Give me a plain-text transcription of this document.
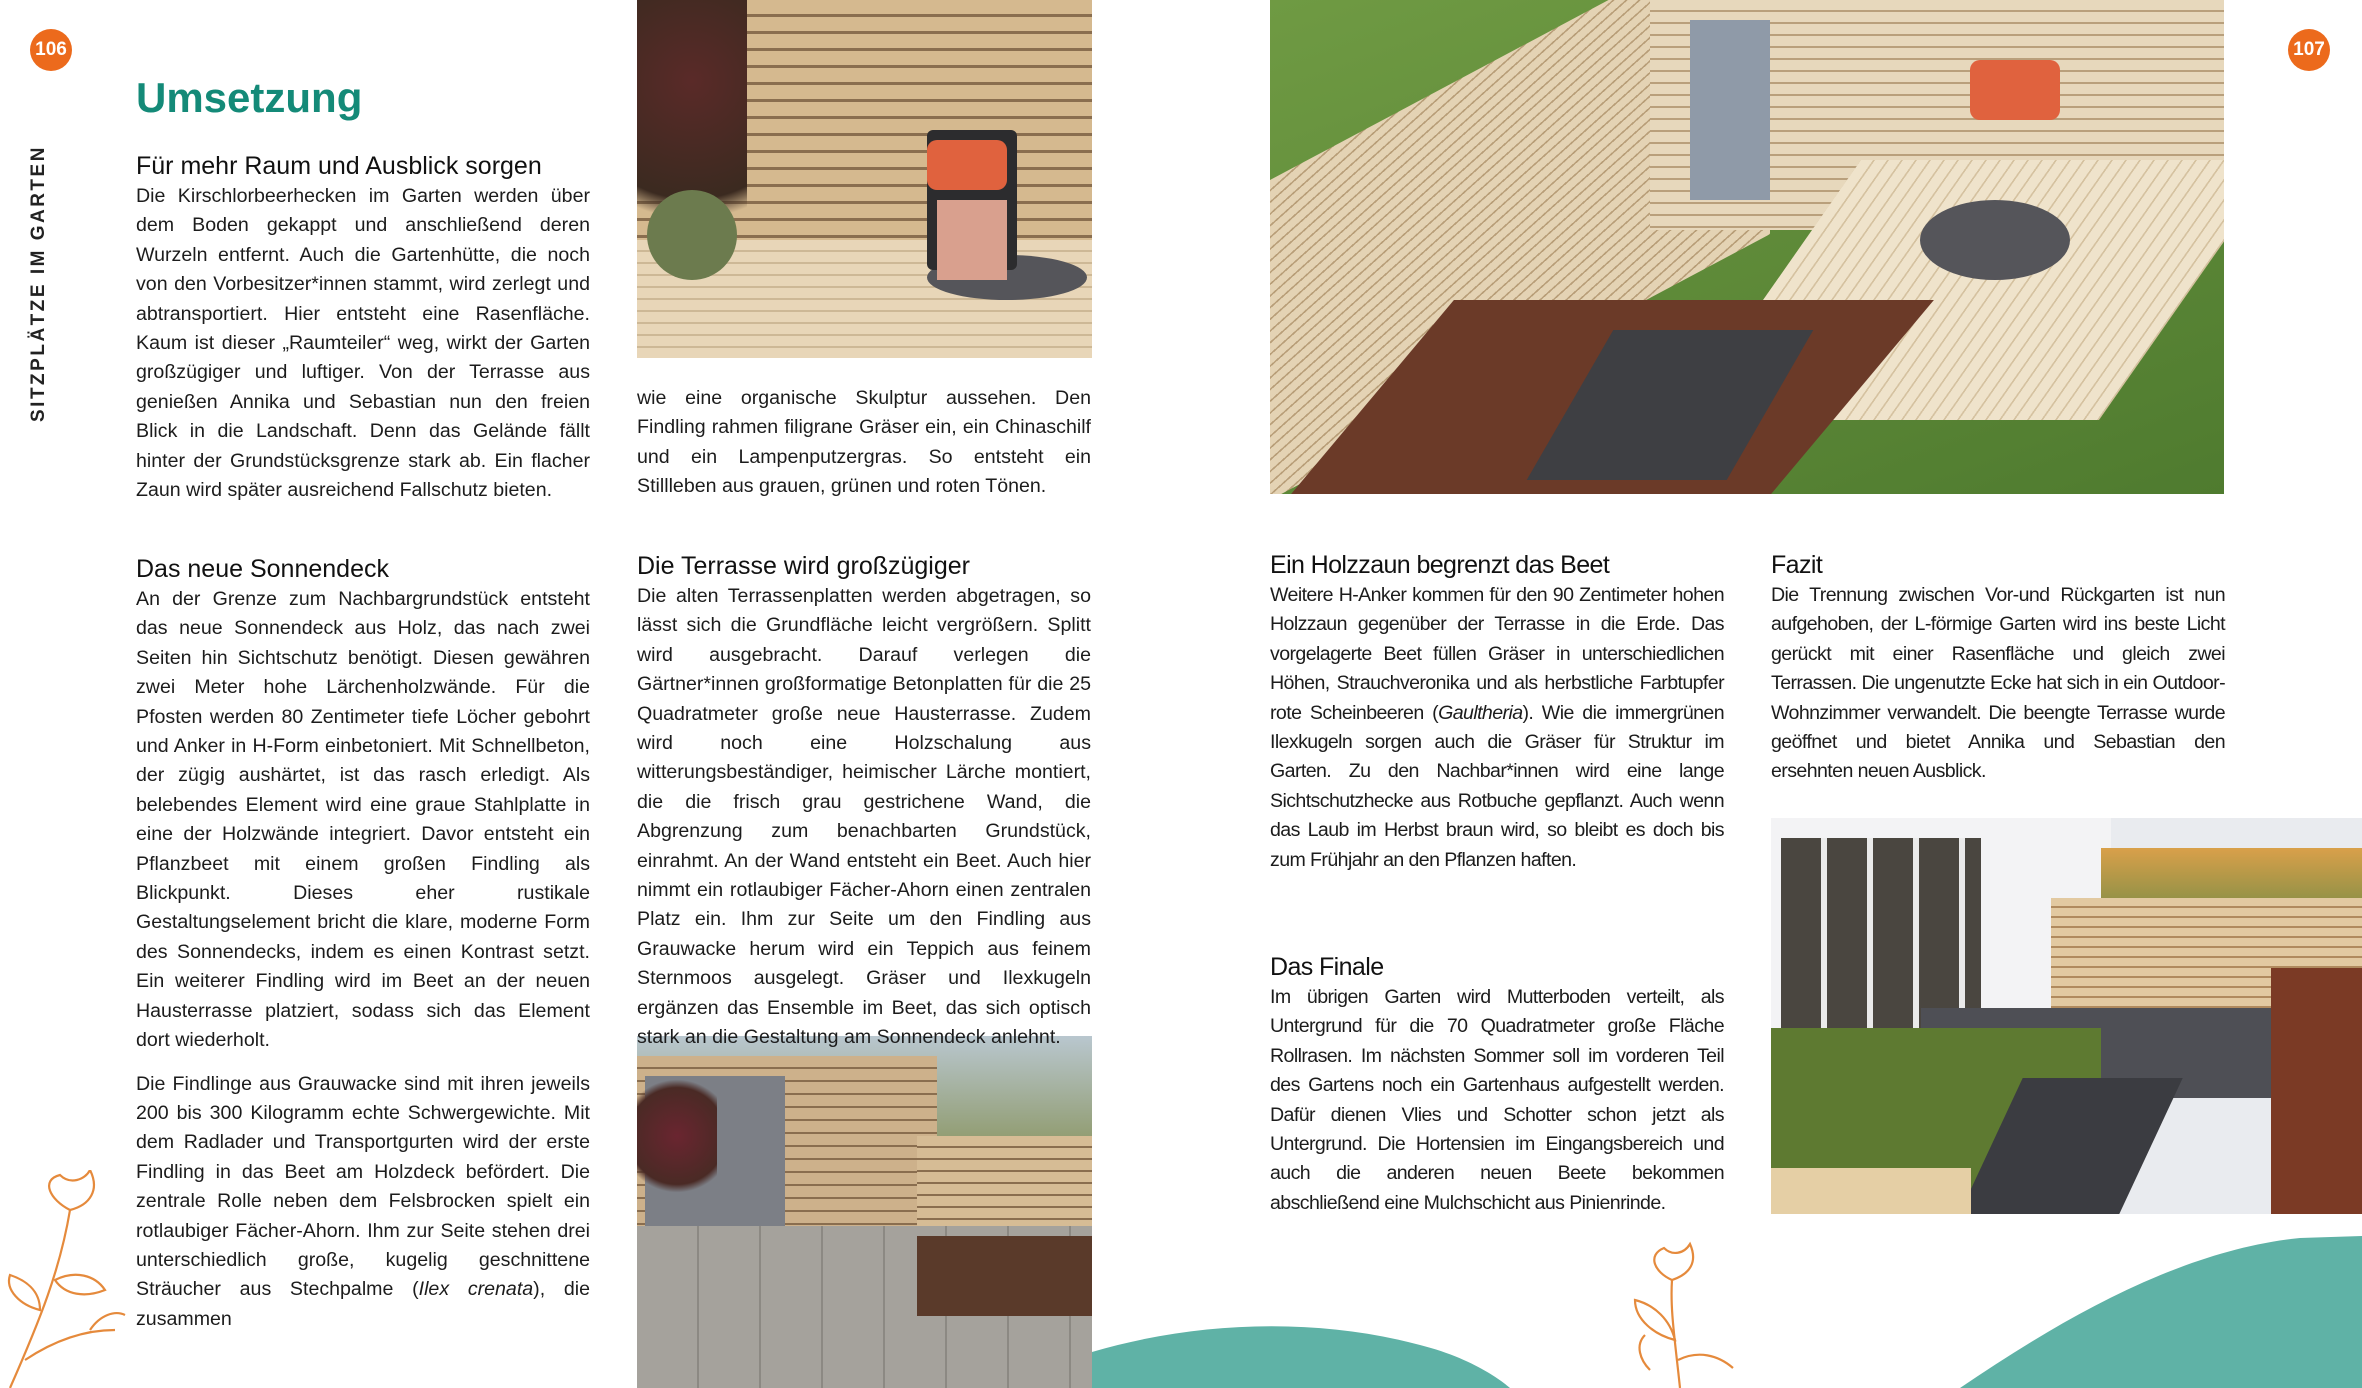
106	107
SITZPLÄTZE IM GARTEN
Umsetzung
Für mehr Raum und Ausblick sorgen

Die Kirschlorbeerhecken im Garten werden über dem Boden gekappt und anschließend deren Wurzeln entfernt. Auch die Gartenhütte, die noch von den Vorbesitzer*innen stammt, wird zerlegt und abtransportiert. Hier entsteht eine Rasenfläche. Kaum ist dieser „Raumteiler“ weg, wirkt der Garten großzügiger und luftiger. Von der Terrasse aus genießen Annika und Sebastian nun den freien Blick in die Landschaft. Denn das Gelände fällt hinter der Grundstücksgrenze stark ab. Ein flacher Zaun wird später ausreichend Fallschutz bieten.

Das neue Sonnendeck

An der Grenze zum Nachbargrundstück entsteht das neue Sonnendeck aus Holz, das nach zwei Seiten hin Sichtschutz benötigt. Diesen gewähren zwei Meter hohe Lärchenholzwände. Für die Pfosten werden 80 Zentimeter tiefe Löcher gebohrt und Anker in H-Form einbetoniert. Mit Schnellbeton, der zügig aushärtet, ist das rasch erledigt. Als belebendes Element wird eine graue Stahlplatte in eine der Holzwände integriert. Davor entsteht ein Pflanzbeet mit einem großen Findling als Blickpunkt. Dieses eher rustikale Gestaltungselement bricht die klare, moderne Form des Sonnendecks, indem es einen Kontrast setzt. Ein weiterer Findling wird im Beet an der neuen Hausterrasse platziert, sodass sich das Element dort wiederholt.

Die Findlinge aus Grauwacke sind mit ihren jeweils 200 bis 300 Kilogramm echte Schwergewichte. Mit dem Radlader und Transportgurten wird der erste Findling in das Beet am Holzdeck befördert. Die zentrale Rolle neben dem Felsbrocken spielt ein rotlaubiger Fächer-Ahorn. Ihm zur Seite stehen drei unterschiedlich große, kugelig geschnittene Sträucher aus Stechpalme (Ilex crenata), die zusammen

wie eine organische Skulptur aussehen. Den Findling rahmen filigrane Gräser ein, ein Chinaschilf und ein Lampenputzergras. So entsteht ein Stillleben aus grauen, grünen und roten Tönen.

Die Terrasse wird großzügiger

Die alten Terrassenplatten werden abgetragen, so lässt sich die Grundfläche leicht vergrößern. Splitt wird ausgebracht. Darauf verlegen die Gärtner*innen großformatige Betonplatten für die 25 Quadratmeter große neue Hausterrasse. Zudem wird noch eine Holzschalung aus witterungsbeständiger, heimischer Lärche montiert, die die frisch grau gestrichene Wand, die Abgrenzung zum benachbarten Grundstück, einrahmt. An der Wand entsteht ein Beet. Auch hier nimmt ein rotlaubiger Fächer-Ahorn einen zentralen Platz ein. Ihm zur Seite um den Findling aus Grauwacke herum wird ein Teppich aus feinem Sternmoos ausgelegt. Gräser und Ilexkugeln ergänzen das Ensemble im Beet, das sich optisch stark an die Gestaltung am Sonnendeck anlehnt.

Ein Holzzaun begrenzt das Beet

Weitere H-Anker kommen für den 90 Zentimeter hohen Holzzaun gegenüber der Terrasse in die Erde. Das vorgelagerte Beet füllen Gräser in unterschiedlichen Höhen, Strauchveronika und als herbstliche Farbtupfer rote Scheinbeeren (Gaultheria). Wie die immergrünen Ilexkugeln sorgen auch die Gräser für Struktur im Garten. Zu den Nachbar*innen wird eine lange Sichtschutzhecke aus Rotbuche gepflanzt. Auch wenn das Laub im Herbst braun wird, so bleibt es doch bis zum Frühjahr an den Pflanzen haften.

Das Finale

Im übrigen Garten wird Mutterboden verteilt, als Untergrund für die 70 Quadratmeter große Fläche Rollrasen. Im nächsten Sommer soll im vorderen Teil des Gartens noch ein Gartenhaus aufgestellt werden. Dafür dienen Vlies und Schotter schon jetzt als Untergrund. Die Hortensien im Eingangsbereich und auch die anderen neuen Beete bekommen abschließend eine Mulchschicht aus Pinienrinde.

Fazit

Die Trennung zwischen Vor-und Rückgarten ist nun aufgehoben, der L-förmige Garten wird ins beste Licht gerückt mit einer Rasenfläche und gleich zwei Terrassen. Die ungenutzte Ecke hat sich in ein Outdoor-Wohnzimmer verwandelt. Die beengte Terrasse wurde geöffnet und bietet Annika und Sebastian den ersehnten neuen Ausblick.
